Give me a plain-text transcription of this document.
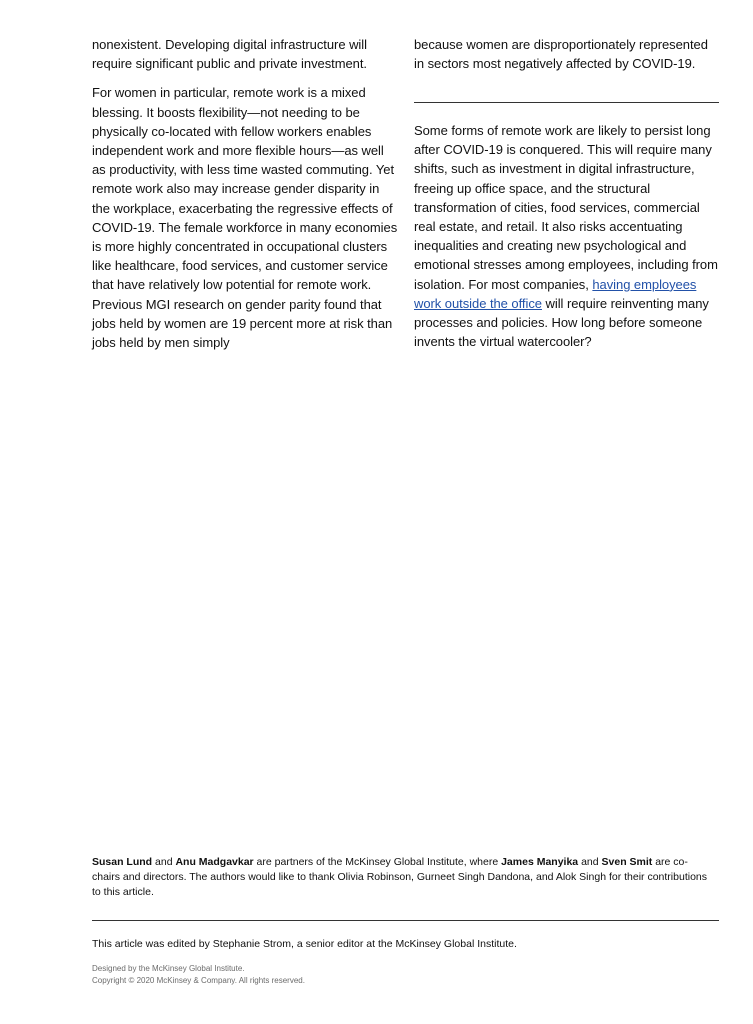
nonexistent. Developing digital infrastructure will require significant public and private investment.

For women in particular, remote work is a mixed blessing. It boosts flexibility—not needing to be physically co-located with fellow workers enables independent work and more flexible hours—as well as productivity, with less time wasted commuting. Yet remote work also may increase gender disparity in the workplace, exacerbating the regressive effects of COVID-19. The female workforce in many economies is more highly concentrated in occupational clusters like healthcare, food services, and customer service that have relatively low potential for remote work. Previous MGI research on gender parity found that jobs held by women are 19 percent more at risk than jobs held by men simply

because women are disproportionately represented in sectors most negatively affected by COVID-19.

Some forms of remote work are likely to persist long after COVID-19 is conquered. This will require many shifts, such as investment in digital infrastructure, freeing up office space, and the structural transformation of cities, food services, commercial real estate, and retail. It also risks accentuating inequalities and creating new psychological and emotional stresses among employees, including from isolation. For most companies, having employees work outside the office will require reinventing many processes and policies. How long before someone invents the virtual watercooler?

Susan Lund and Anu Madgavkar are partners of the McKinsey Global Institute, where James Manyika and Sven Smit are co-chairs and directors. The authors would like to thank Olivia Robinson, Gurneet Singh Dandona, and Alok Singh for their contributions to this article.
This article was edited by Stephanie Strom, a senior editor at the McKinsey Global Institute.
Designed by the McKinsey Global Institute.
Copyright © 2020 McKinsey & Company. All rights reserved.
